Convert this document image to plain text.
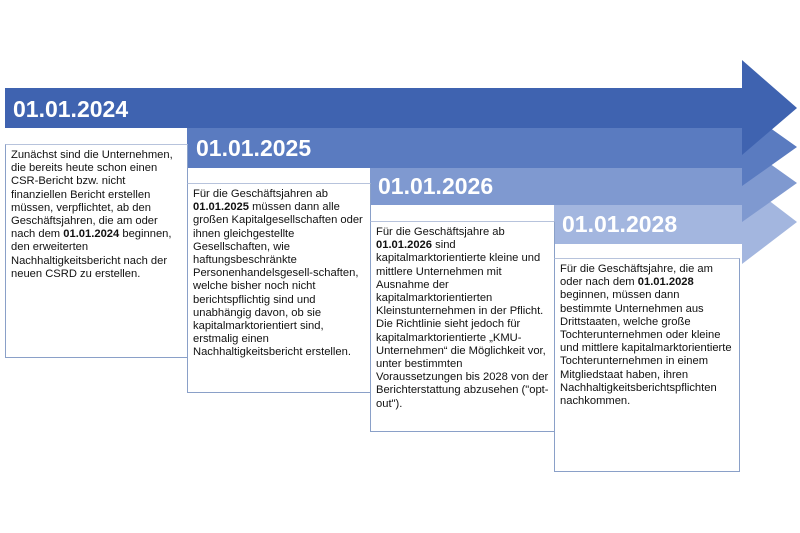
01.01.2024
01.01.2025
01.01.2026
01.01.2028

Zunächst sind die Unternehmen, die bereits heute schon einen CSR-Bericht bzw. nicht finanziellen Bericht erstellen müssen, verpflichtet, ab den Geschäftsjahren, die am oder nach dem 01.01.2024 beginnen, den erweiterten Nachhaltigkeitsbericht nach der neuen CSRD zu erstellen.

Für die Geschäftsjahren ab 01.01.2025 müssen dann alle großen Kapitalgesellschaften oder ihnen gleichgestellte Gesellschaften, wie haftungsbeschränkte Personenhandelsgesell-schaften, welche bisher noch nicht berichtspflichtig sind und unabhängig davon, ob sie kapitalmarktorientiert sind, erstmalig einen Nachhaltigkeitsbericht erstellen.

Für die Geschäftsjahre ab 01.01.2026 sind kapitalmarktorientierte kleine und mittlere Unternehmen mit Ausnahme der kapitalmarktorientierten Kleinstunternehmen in der Pflicht. Die Richtlinie sieht jedoch für kapitalmarktorientierte „KMU-Unternehmen“ die Möglichkeit vor, unter bestimmten Voraussetzungen bis 2028 von der Berichterstattung abzusehen ("opt-out").

Für die Geschäftsjahre, die am oder nach dem 01.01.2028 beginnen, müssen dann bestimmte Unternehmen aus Drittstaaten, welche große Tochterunternehmen oder kleine und mittlere kapitalmarktorientierte Tochterunternehmen in einem Mitgliedstaat haben, ihren Nachhaltigkeitsberichtspflichten nachkommen.
